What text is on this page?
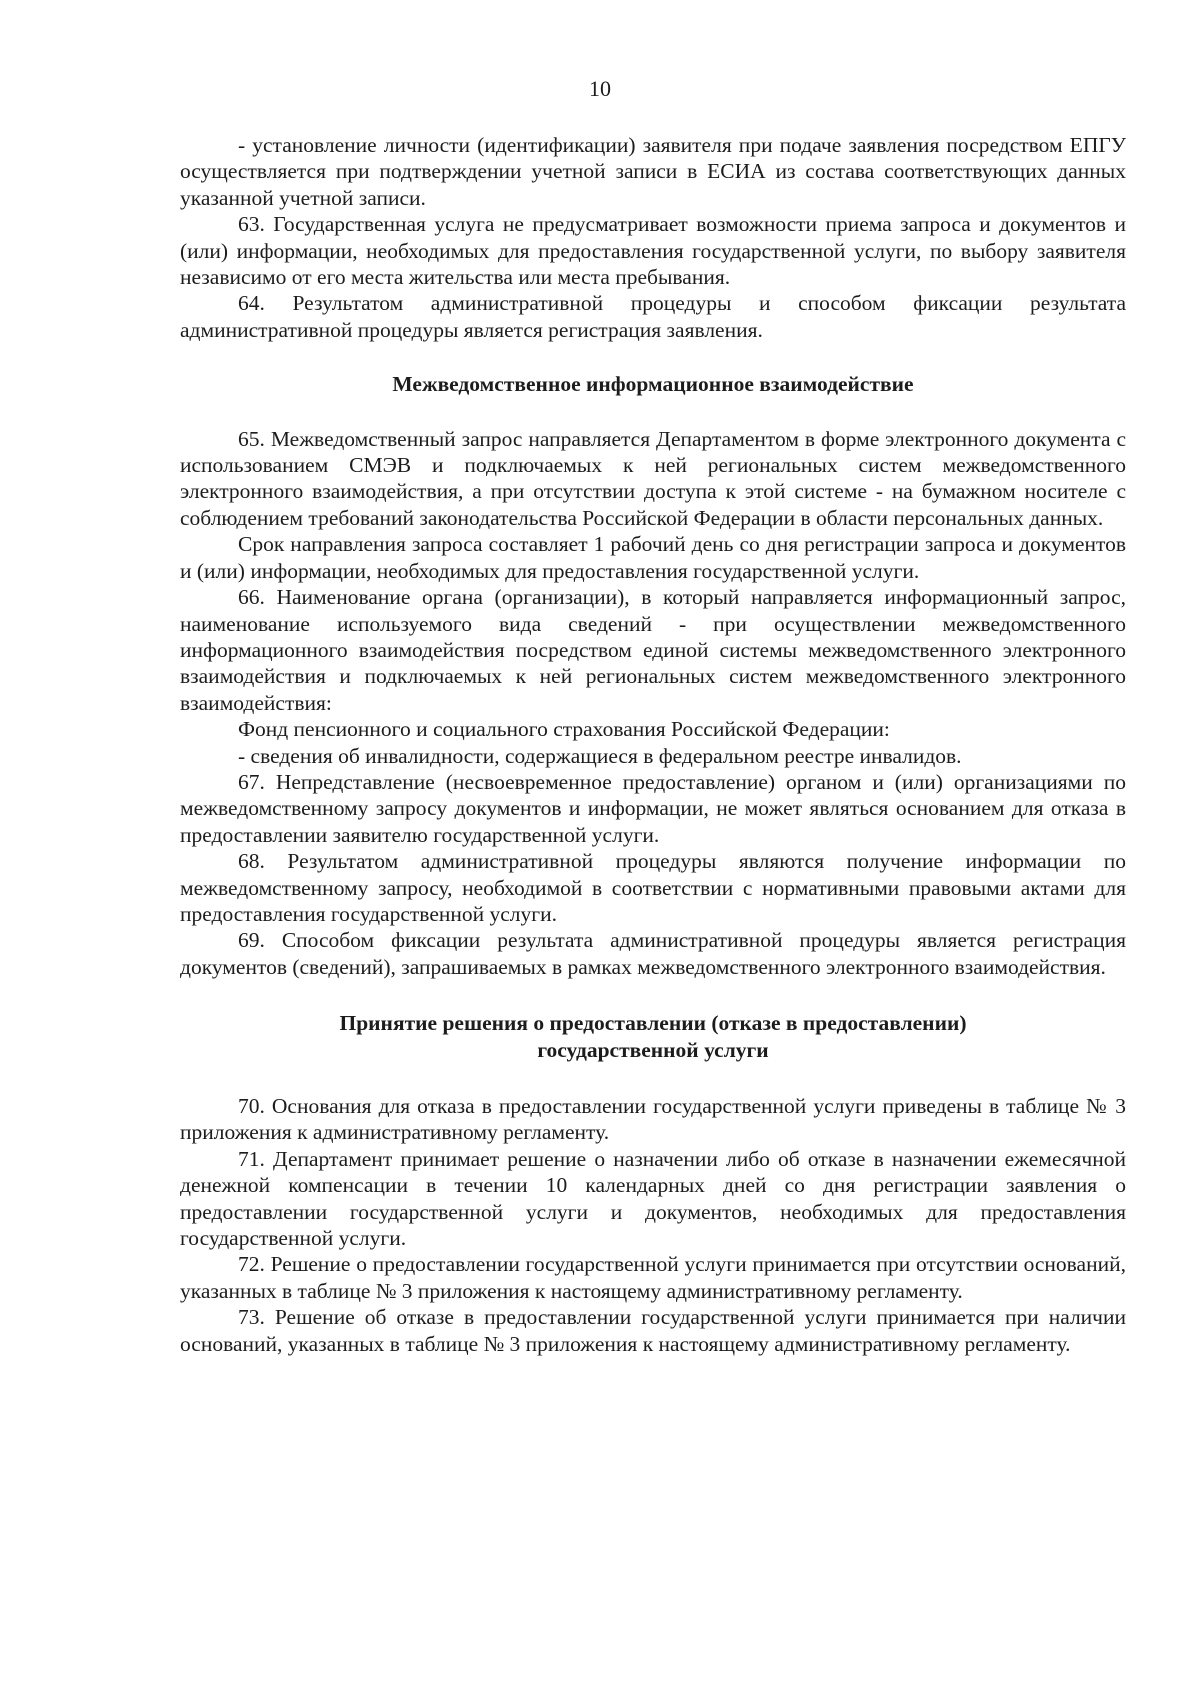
10

- установление личности (идентификации) заявителя при подаче заявления посредством ЕПГУ осуществляется при подтверждении учетной записи в ЕСИА из состава соответствующих данных указанной учетной записи.

63. Государственная услуга не предусматривает возможности приема запроса и документов и (или) информации, необходимых для предоставления государственной услуги, по выбору заявителя независимо от его места жительства или места пребывания.

64. Результатом административной процедуры и способом фиксации результата административной процедуры является регистрация заявления.

Межведомственное информационное взаимодействие

65. Межведомственный запрос направляется Департаментом в форме электронного документа с использованием СМЭВ и подключаемых к ней региональных систем межведомственного электронного взаимодействия, а при отсутствии доступа к этой системе - на бумажном носителе с соблюдением требований законодательства Российской Федерации в области персональных данных.

Срок направления запроса составляет 1 рабочий день со дня регистрации запроса и документов и (или) информации, необходимых для предоставления государственной услуги.

66. Наименование органа (организации), в который направляется информационный запрос, наименование используемого вида сведений - при осуществлении межведомственного информационного взаимодействия посредством единой системы межведомственного электронного взаимодействия и подключаемых к ней региональных систем межведомственного электронного взаимодействия:

Фонд пенсионного и социального страхования Российской Федерации:

- сведения об инвалидности, содержащиеся в федеральном реестре инвалидов.

67. Непредставление (несвоевременное предоставление) органом и (или) организациями по межведомственному запросу документов и информации, не может являться основанием для отказа в предоставлении заявителю государственной услуги.

68. Результатом административной процедуры являются получение информации по межведомственному запросу, необходимой в соответствии с нормативными правовыми актами для предоставления государственной услуги.

69. Способом фиксации результата административной процедуры является регистрация документов (сведений), запрашиваемых в рамках межведомственного электронного взаимодействия.

Принятие решения о предоставлении (отказе в предоставлении)
государственной услуги

70. Основания для отказа в предоставлении государственной услуги приведены в таблице № 3 приложения к административному регламенту.

71. Департамент принимает решение о назначении либо об отказе в назначении ежемесячной денежной компенсации в течении 10 календарных дней со дня регистрации заявления о предоставлении государственной услуги и документов, необходимых для предоставления государственной услуги.

72. Решение о предоставлении государственной услуги принимается при отсутствии оснований, указанных в таблице № 3 приложения к настоящему административному регламенту.

73. Решение об отказе в предоставлении государственной услуги принимается при наличии оснований, указанных в таблице № 3 приложения к настоящему административному регламенту.
